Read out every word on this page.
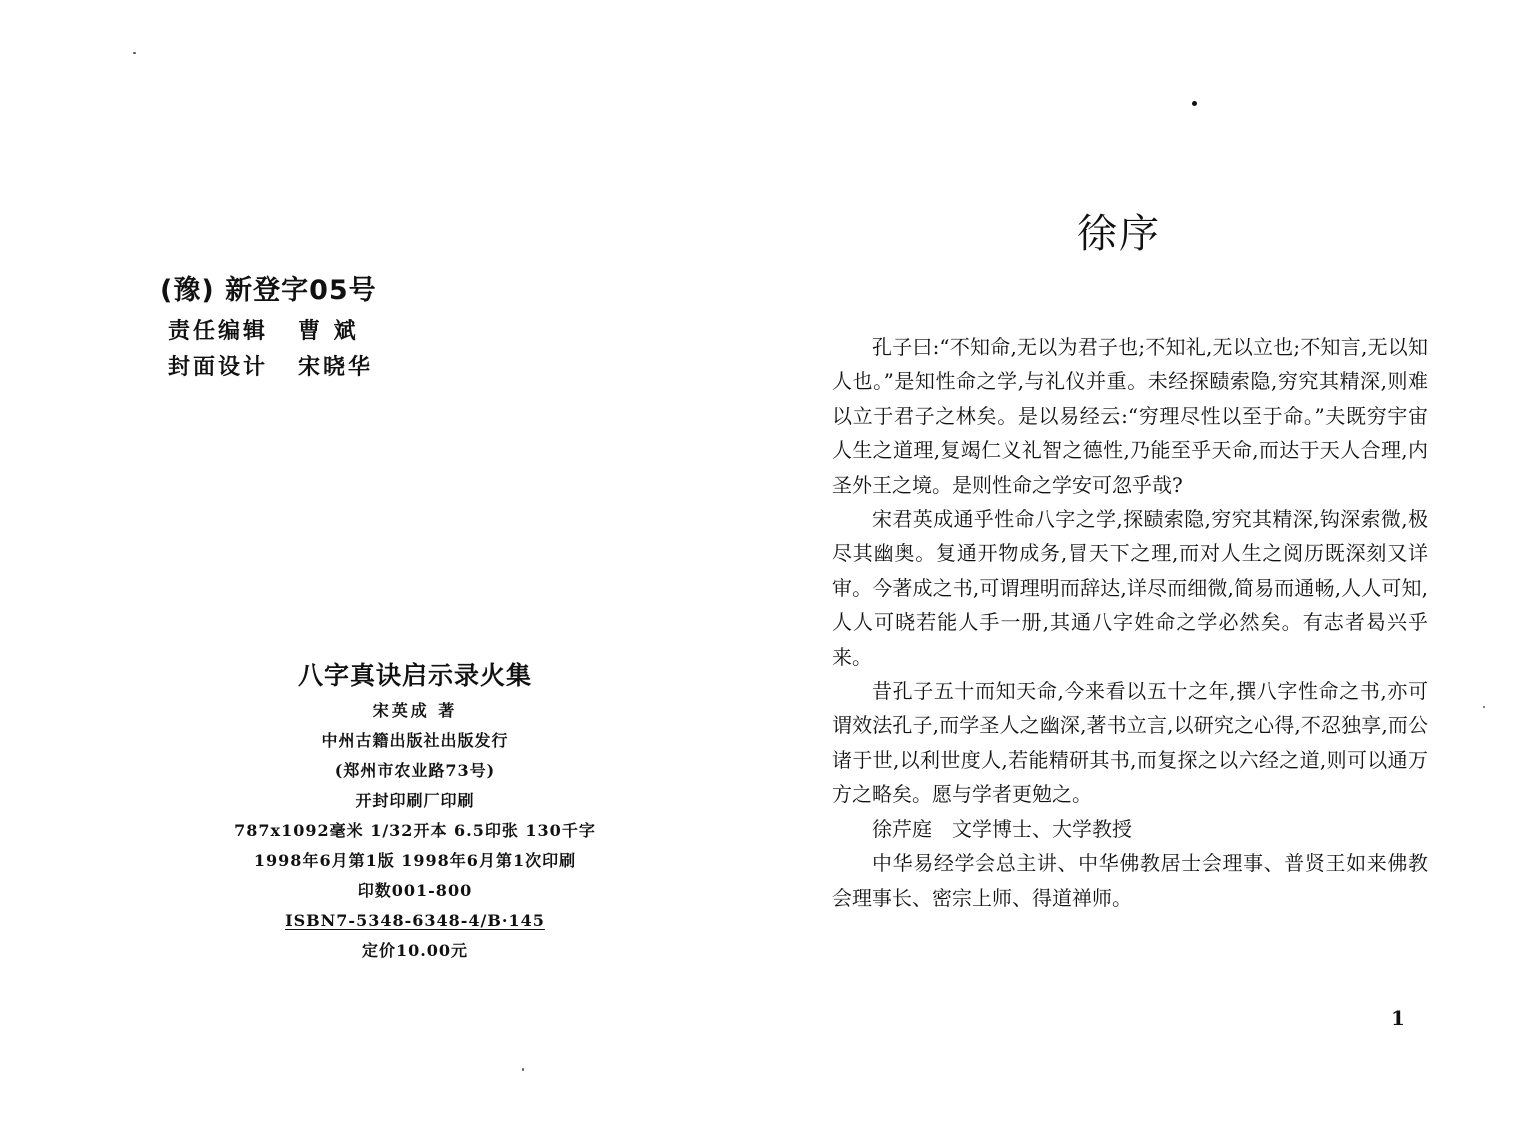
(豫) 新登字05号
责任编辑 曹 斌
封面设计 宋晓华
八字真诀启示录火集
宋英成 著
中州古籍出版社出版发行
(郑州市农业路73号)
开封印刷厂印刷
787x1092毫米 1/32开本 6.5印张 130千字
1998年6月第1版 1998年6月第1次印刷
印数001-800
ISBN7-5348-6348-4/B·145
定价10.00元
徐序

孔子曰:“不知命,无以为君子也;不知礼,无以立也;不知言,无以知人也。”是知性命之学,与礼仪并重。未经探赜索隐,穷究其精深,则难以立于君子之林矣。是以易经云:“穷理尽性以至于命。”夫既穷宇宙人生之道理,复竭仁义礼智之德性,乃能至乎天命,而达于天人合理,内圣外王之境。是则性命之学安可忽乎哉?

宋君英成通乎性命八字之学,探赜索隐,穷究其精深,钩深索微,极尽其幽奥。复通开物成务,冒天下之理,而对人生之阅历既深刻又详审。今著成之书,可谓理明而辞达,详尽而细微,简易而通畅,人人可知,人人可晓若能人手一册,其通八字姓命之学必然矣。有志者曷兴乎来。

昔孔子五十而知天命,今来看以五十之年,撰八字性命之书,亦可谓效法孔子,而学圣人之幽深,著书立言,以研究之心得,不忍独享,而公诸于世,以利世度人,若能精研其书,而复探之以六经之道,则可以通万方之略矣。愿与学者更勉之。

徐芹庭 文学博士、大学教授

中华易经学会总主讲、中华佛教居士会理事、普贤王如来佛教会理事长、密宗上师、得道禅师。

1
